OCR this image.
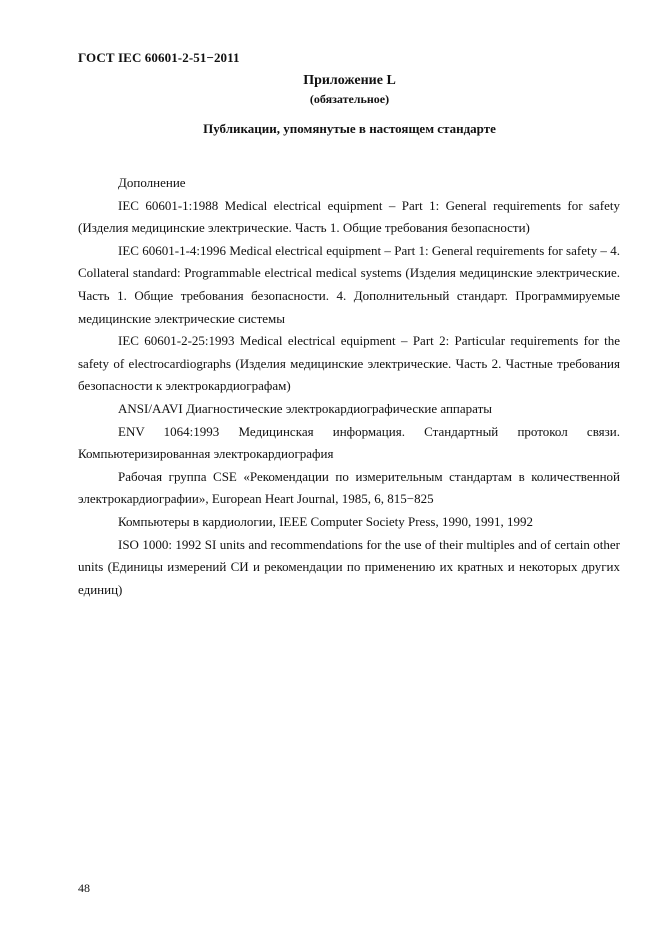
ГОСТ IEC 60601-2-51−2011
Приложение L
(обязательное)
Публикации, упомянутые в настоящем стандарте

Дополнение

IEC 60601-1:1988 Medical electrical equipment – Part 1: General requirements for safety (Изделия медицинские электрические. Часть 1. Общие требования безопасности)

IEC 60601-1-4:1996 Medical electrical equipment – Part 1: General requirements for safety – 4. Collateral standard: Programmable electrical medical systems (Изделия медицинские электрические. Часть 1. Общие требования безопасности. 4. Дополнительный стандарт. Программируемые медицинские электрические системы

IEC 60601-2-25:1993 Medical electrical equipment – Part 2: Particular requirements for the safety of electrocardiographs (Изделия медицинские электрические. Часть 2. Частные требования безопасности к электрокардиографам)

ANSI/AAVI Диагностические электрокардиографические аппараты

ENV 1064:1993 Медицинская информация. Стандартный протокол связи. Компьютеризированная электрокардиография

Рабочая группа CSE «Рекомендации по измерительным стандартам в количественной электрокардиографии», European Heart Journal, 1985, 6, 815−825

Компьютеры в кардиологии, IEEE Computer Society Press, 1990, 1991, 1992

ISO 1000: 1992 SI units and recommendations for the use of their multiples and of certain other units (Единицы измерений СИ и рекомендации по применению их кратных и некоторых других единиц)

48
